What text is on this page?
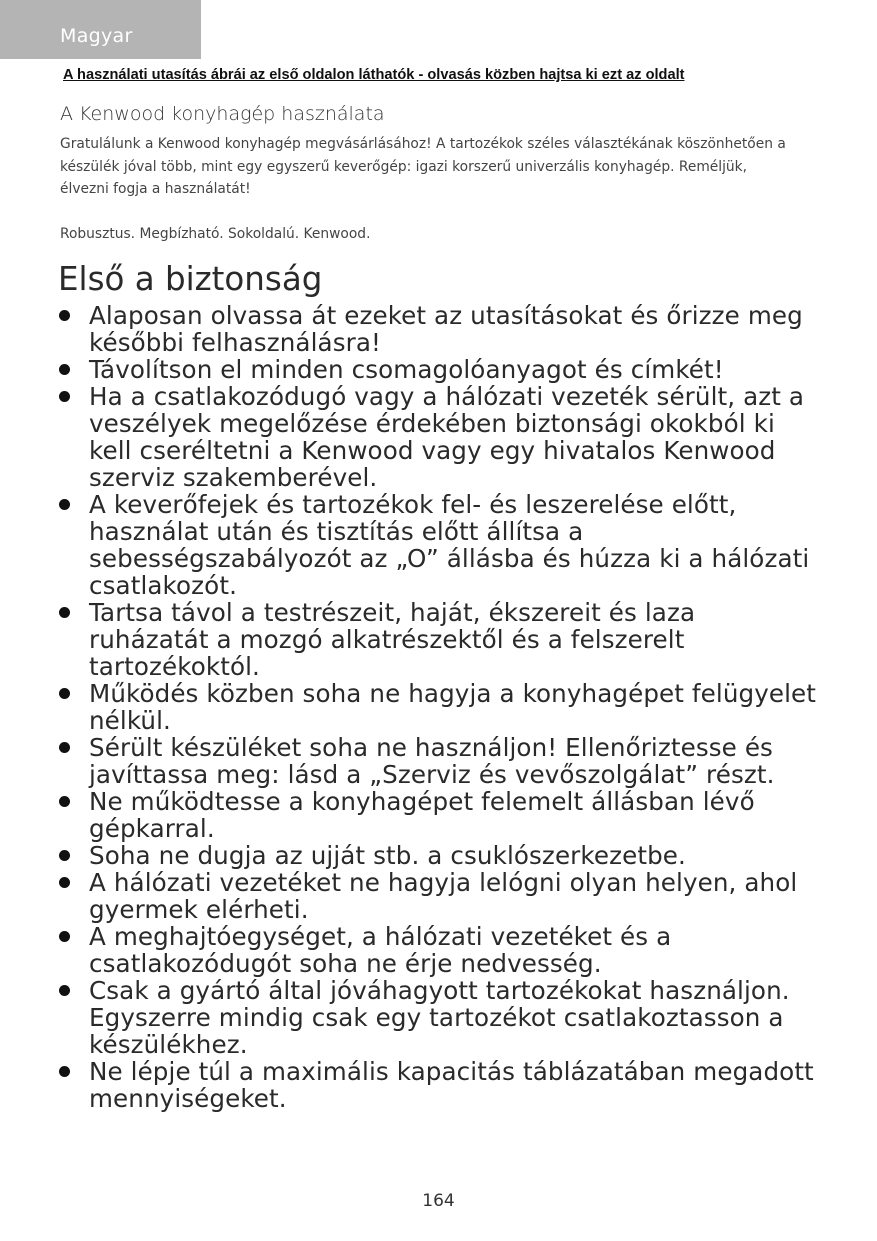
Magyar
A használati utasítás ábrái az első oldalon láthatók - olvasás közben hajtsa ki ezt az oldalt
A Kenwood konyhagép használata

Gratulálunk a Kenwood konyhagép megvásárlásához! A tartozékok széles választékának köszönhetően a készülék jóval több, mint egy egyszerű keverőgép: igazi korszerű univerzális konyhagép. Reméljük, élvezni fogja a használatát!

Robusztus. Megbízható. Sokoldalú. Kenwood.

Első a biztonság
Alaposan olvassa át ezeket az utasításokat és őrizze meg későbbi felhasználásra!
Távolítson el minden csomagolóanyagot és címkét!
Ha a csatlakozódugó vagy a hálózati vezeték sérült, azt a veszélyek megelőzése érdekében biztonsági okokból ki kell cseréltetni a Kenwood vagy egy hivatalos Kenwood szerviz szakemberével.
A keverőfejek és tartozékok fel- és leszerelése előtt, használat után és tisztítás előtt állítsa a sebességszabályozót az „O” állásba és húzza ki a hálózati csatlakozót.
Tartsa távol a testrészeit, haját, ékszereit és laza ruházatát a mozgó alkatrészektől és a felszerelt tartozékoktól.
Működés közben soha ne hagyja a konyhagépet felügyelet nélkül.
Sérült készüléket soha ne használjon! Ellenőriztesse és javíttassa meg: lásd a „Szerviz és vevőszolgálat” részt.
Ne működtesse a konyhagépet felemelt állásban lévő gépkarral.
Soha ne dugja az ujját stb. a csuklószerkezetbe.
A hálózati vezetéket ne hagyja lelógni olyan helyen, ahol gyermek elérheti.
A meghajtóegységet, a hálózati vezetéket és a csatlakozódugót soha ne érje nedvesség.
Csak a gyártó által jóváhagyott tartozékokat használjon. Egyszerre mindig csak egy tartozékot csatlakoztasson a készülékhez.
Ne lépje túl a maximális kapacitás táblázatában megadott mennyiségeket.
164
